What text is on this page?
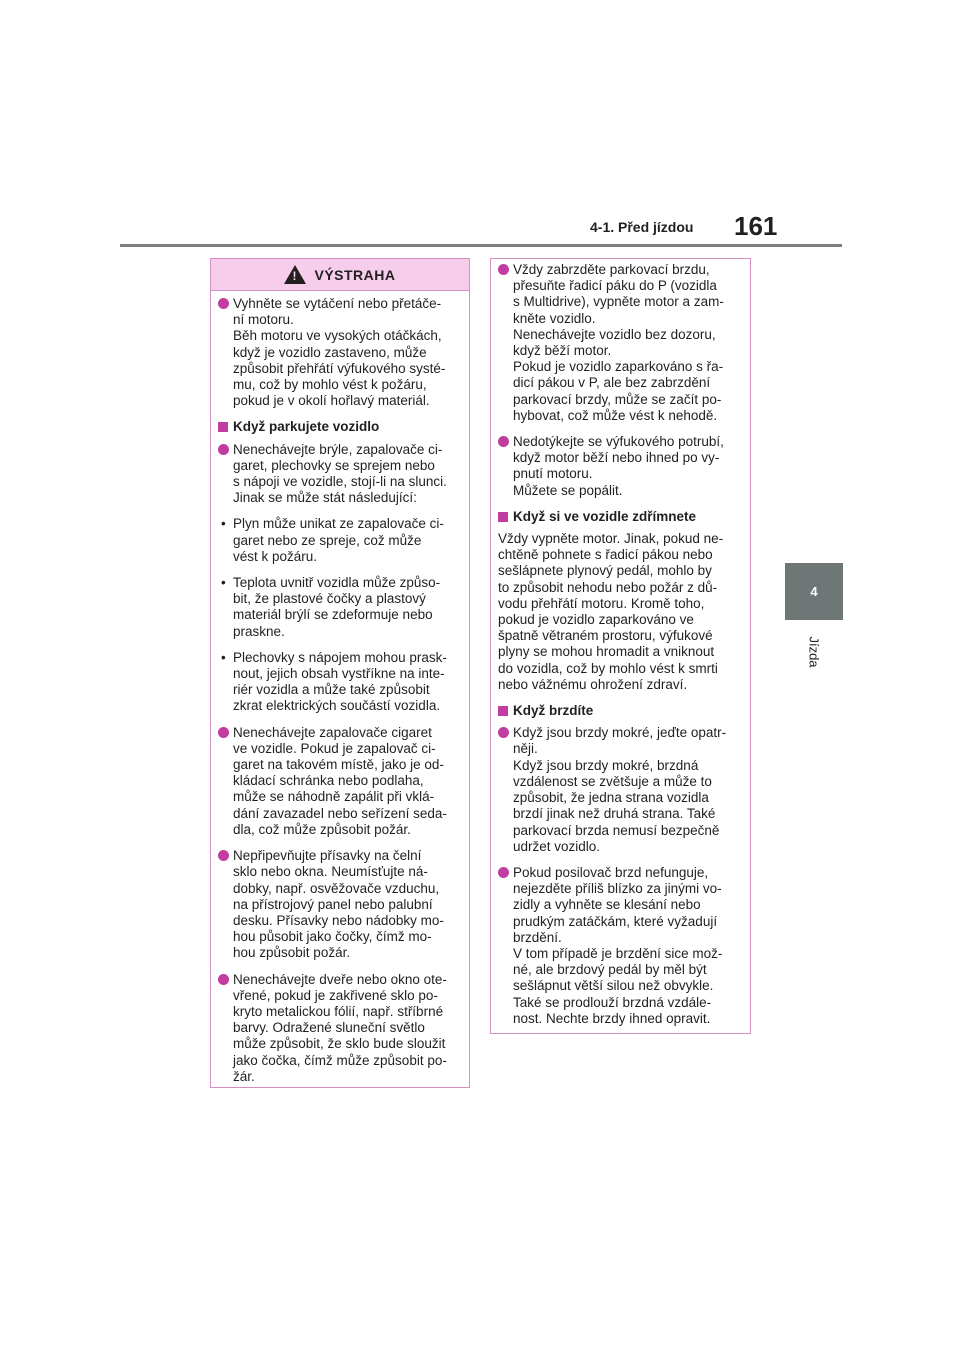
4-1. Před jízdou 161
4
Jízda
!
VÝSTRAHA
Vyhněte se vytáčení nebo přetáče-
ní motoru.
Běh motoru ve vysokých otáčkách,
když je vozidlo zastaveno, může
způsobit přehřátí výfukového systé-
mu, což by mohlo vést k požáru,
pokud je v okolí hořlavý materiál.
Když parkujete vozidlo
Nenechávejte brýle, zapalovače ci-
garet, plechovky se sprejem nebo
s nápoji ve vozidle, stojí-li na slunci.
Jinak se může stát následující:
• Plyn může unikat ze zapalovače ci-
garet nebo ze spreje, což může
vést k požáru.
• Teplota uvnitř vozidla může způso-
bit, že plastové čočky a plastový
materiál brýlí se zdeformuje nebo
praskne.
• Plechovky s nápojem mohou prask-
nout, jejich obsah vystříkne na inte-
riér vozidla a může také způsobit
zkrat elektrických součástí vozidla.
Nenechávejte zapalovače cigaret
ve vozidle. Pokud je zapalovač ci-
garet na takovém místě, jako je od-
kládací schránka nebo podlaha,
může se náhodně zapálit při vklá-
dání zavazadel nebo seřízení seda-
dla, což může způsobit požár.
Nepřipevňujte přísavky na čelní
sklo nebo okna. Neumísťujte ná-
dobky, např. osvěžovače vzduchu,
na přístrojový panel nebo palubní
desku. Přísavky nebo nádobky mo-
hou působit jako čočky, čímž mo-
hou způsobit požár.
Nenechávejte dveře nebo okno ote-
vřené, pokud je zakřivené sklo po-
kryto metalickou fólií, např. stříbrné
barvy. Odražené sluneční světlo
může způsobit, že sklo bude sloužit
jako čočka, čímž může způsobit po-
žár.
Vždy zabrzděte parkovací brzdu,
přesuňte řadicí páku do P (vozidla
s Multidrive), vypněte motor a zam-
kněte vozidlo.
Nenechávejte vozidlo bez dozoru,
když běží motor.
Pokud je vozidlo zaparkováno s řa-
dicí pákou v P, ale bez zabrzdění
parkovací brzdy, může se začít po-
hybovat, což může vést k nehodě.
Nedotýkejte se výfukového potrubí,
když motor běží nebo ihned po vy-
pnutí motoru.
Můžete se popálit.
Když si ve vozidle zdřímnete
Vždy vypněte motor. Jinak, pokud ne-
chtěně pohnete s řadicí pákou nebo
sešlápnete plynový pedál, mohlo by
to způsobit nehodu nebo požár z dů-
vodu přehřátí motoru. Kromě toho,
pokud je vozidlo zaparkováno ve
špatně větraném prostoru, výfukové
plyny se mohou hromadit a vniknout
do vozidla, což by mohlo vést k smrti
nebo vážnému ohrožení zdraví.
Když brzdíte
Když jsou brzdy mokré, jeďte opatr-
něji.
Když jsou brzdy mokré, brzdná
vzdálenost se zvětšuje a může to
způsobit, že jedna strana vozidla
brzdí jinak než druhá strana. Také
parkovací brzda nemusí bezpečně
udržet vozidlo.
Pokud posilovač brzd nefunguje,
nejezděte příliš blízko za jinými vo-
zidly a vyhněte se klesání nebo
prudkým zatáčkám, které vyžadují
brzdění.
V tom případě je brzdění sice mož-
né, ale brzdový pedál by měl být
sešlápnut větší silou než obvykle.
Také se prodlouží brzdná vzdále-
nost. Nechte brzdy ihned opravit.
